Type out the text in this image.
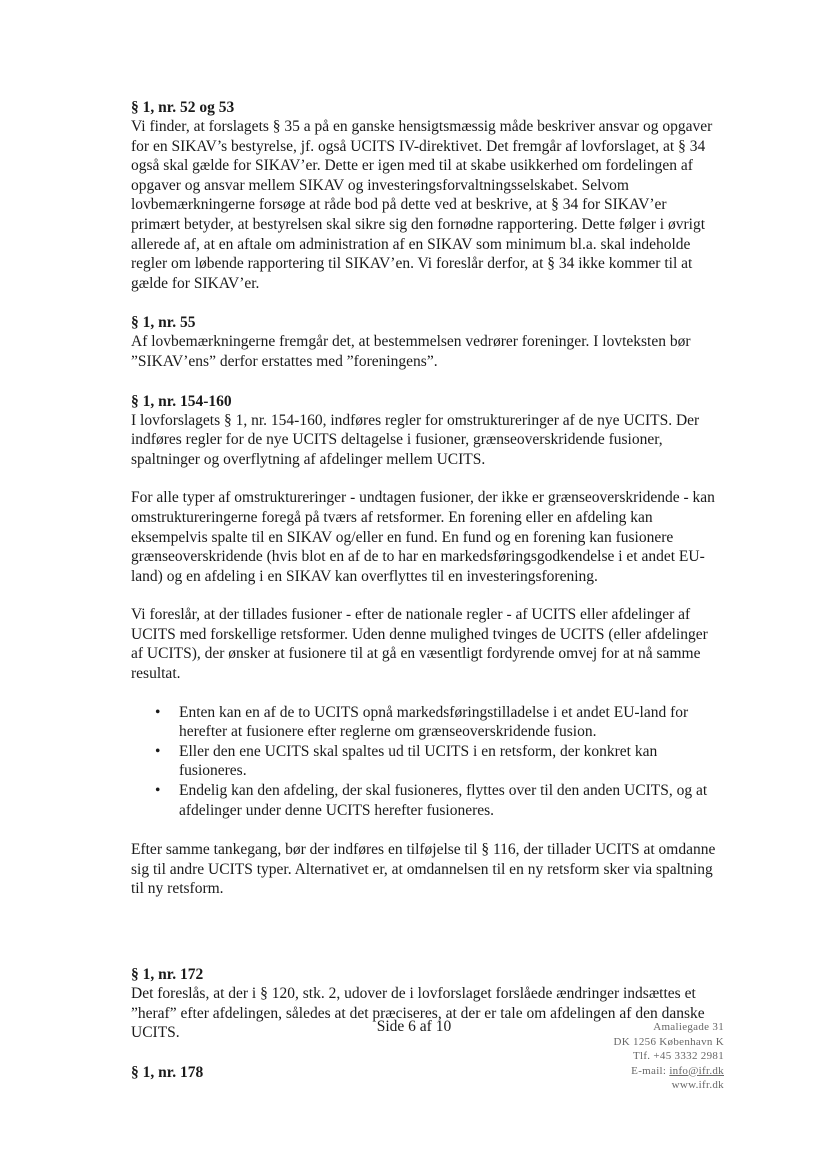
§ 1, nr. 52 og 53

Vi finder, at forslagets § 35 a på en ganske hensigtsmæssig måde beskriver ansvar og opgaver
for en SIKAV’s bestyrelse, jf. også UCITS IV-direktivet. Det fremgår af lovforslaget, at § 34
også skal gælde for SIKAV’er. Dette er igen med til at skabe usikkerhed om fordelingen af
opgaver og ansvar mellem SIKAV og investeringsforvaltningsselskabet. Selvom
lovbemærkningerne forsøge at råde bod på dette ved at beskrive, at § 34 for SIKAV’er
primært betyder, at bestyrelsen skal sikre sig den fornødne rapportering. Dette følger i øvrigt
allerede af, at en aftale om administration af en SIKAV som minimum bl.a. skal indeholde
regler om løbende rapportering til SIKAV’en. Vi foreslår derfor, at § 34 ikke kommer til at
gælde for SIKAV’er.

§ 1, nr. 55

Af lovbemærkningerne fremgår det, at bestemmelsen vedrører foreninger. I lovteksten bør
”SIKAV’ens” derfor erstattes med ”foreningens”.

§ 1, nr. 154-160

I lovforslagets § 1, nr. 154-160, indføres regler for omstruktureringer af de nye UCITS. Der
indføres regler for de nye UCITS deltagelse i fusioner, grænseoverskridende fusioner,
spaltninger og overflytning af afdelinger mellem UCITS.

For alle typer af omstruktureringer - undtagen fusioner, der ikke er grænseoverskridende - kan
omstruktureringerne foregå på tværs af retsformer. En forening eller en afdeling kan
eksempelvis spalte til en SIKAV og/eller en fund. En fund og en forening kan fusionere
grænseoverskridende (hvis blot en af de to har en markedsføringsgodkendelse i et andet EU-
land) og en afdeling i en SIKAV kan overflyttes til en investeringsforening.

Vi foreslår, at der tillades fusioner - efter de nationale regler - af UCITS eller afdelinger af
UCITS med forskellige retsformer. Uden denne mulighed tvinges de UCITS (eller afdelinger
af UCITS), der ønsker at fusionere til at gå en væsentligt fordyrende omvej for at nå samme
resultat.

• Enten kan en af de to UCITS opnå markedsføringstilladelse i et andet EU-land for
herefter at fusionere efter reglerne om grænseoverskridende fusion.
• Eller den ene UCITS skal spaltes ud til UCITS i en retsform, der konkret kan
fusioneres.
• Endelig kan den afdeling, der skal fusioneres, flyttes over til den anden UCITS, og at
afdelinger under denne UCITS herefter fusioneres.

Efter samme tankegang, bør der indføres en tilføjelse til § 116, der tillader UCITS at omdanne
sig til andre UCITS typer. Alternativet er, at omdannelsen til en ny retsform sker via spaltning
til ny retsform.

§ 1, nr. 172

Det foreslås, at der i § 120, stk. 2, udover de i lovforslaget forslåede ændringer indsættes et
”heraf” efter afdelingen, således at det præciseres, at der er tale om afdelingen af den danske
UCITS.

§ 1, nr. 178
Side 6 af 10	Amaliegade 31
DK 1256 København K
Tlf. +45 3332 2981
E-mail: info@ifr.dk
www.ifr.dk
